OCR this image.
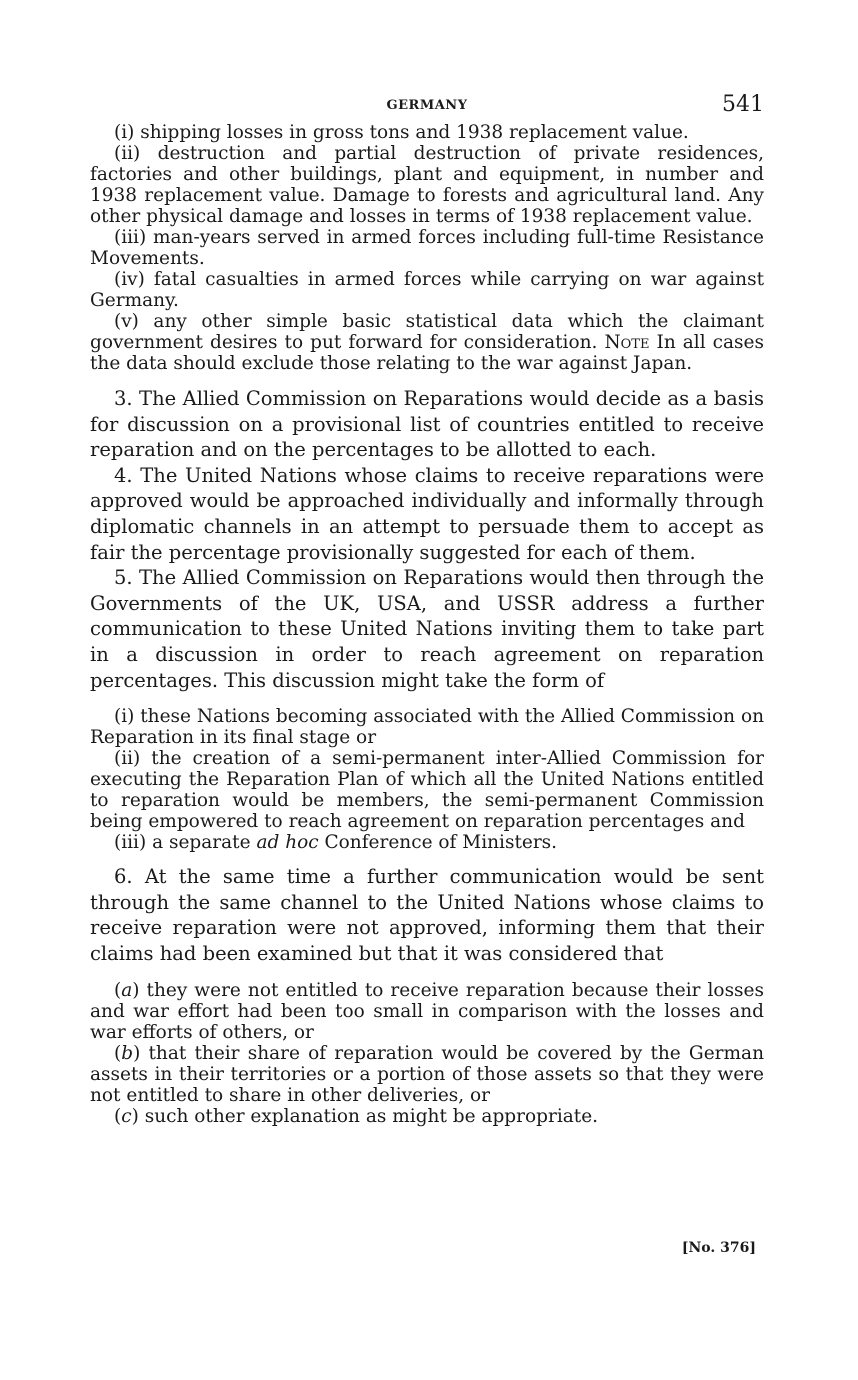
GERMANY	541

(i) shipping losses in gross tons and 1938 replacement value.

(ii) destruction and partial destruction of private residences, factories and other buildings, plant and equipment, in number and 1938 replacement value. Damage to forests and agricultural land. Any other physical damage and losses in terms of 1938 replacement value.

(iii) man-years served in armed forces including full-time Resistance Movements.

(iv) fatal casualties in armed forces while carrying on war against Germany.

(v) any other simple basic statistical data which the claimant government desires to put forward for consideration. Note In all cases the data should exclude those relating to the war against Japan.

3. The Allied Commission on Reparations would decide as a basis for discussion on a provisional list of countries entitled to receive reparation and on the percentages to be allotted to each.

4. The United Nations whose claims to receive reparations were approved would be approached individually and informally through diplomatic channels in an attempt to persuade them to accept as fair the percentage provisionally suggested for each of them.

5. The Allied Commission on Reparations would then through the Governments of the UK, USA, and USSR address a further communication to these United Nations inviting them to take part in a discussion in order to reach agreement on reparation percentages. This discussion might take the form of

(i) these Nations becoming associated with the Allied Commission on Reparation in its final stage or

(ii) the creation of a semi-permanent inter-Allied Commission for executing the Reparation Plan of which all the United Nations entitled to reparation would be members, the semi-permanent Commission being empowered to reach agreement on reparation percentages and

(iii) a separate ad hoc Conference of Ministers.

6. At the same time a further communication would be sent through the same channel to the United Nations whose claims to receive reparation were not approved, informing them that their claims had been examined but that it was considered that

(a) they were not entitled to receive reparation because their losses and war effort had been too small in comparison with the losses and war efforts of others, or

(b) that their share of reparation would be covered by the German assets in their territories or a portion of those assets so that they were not entitled to share in other deliveries, or

(c) such other explanation as might be appropriate.

[No. 376]
